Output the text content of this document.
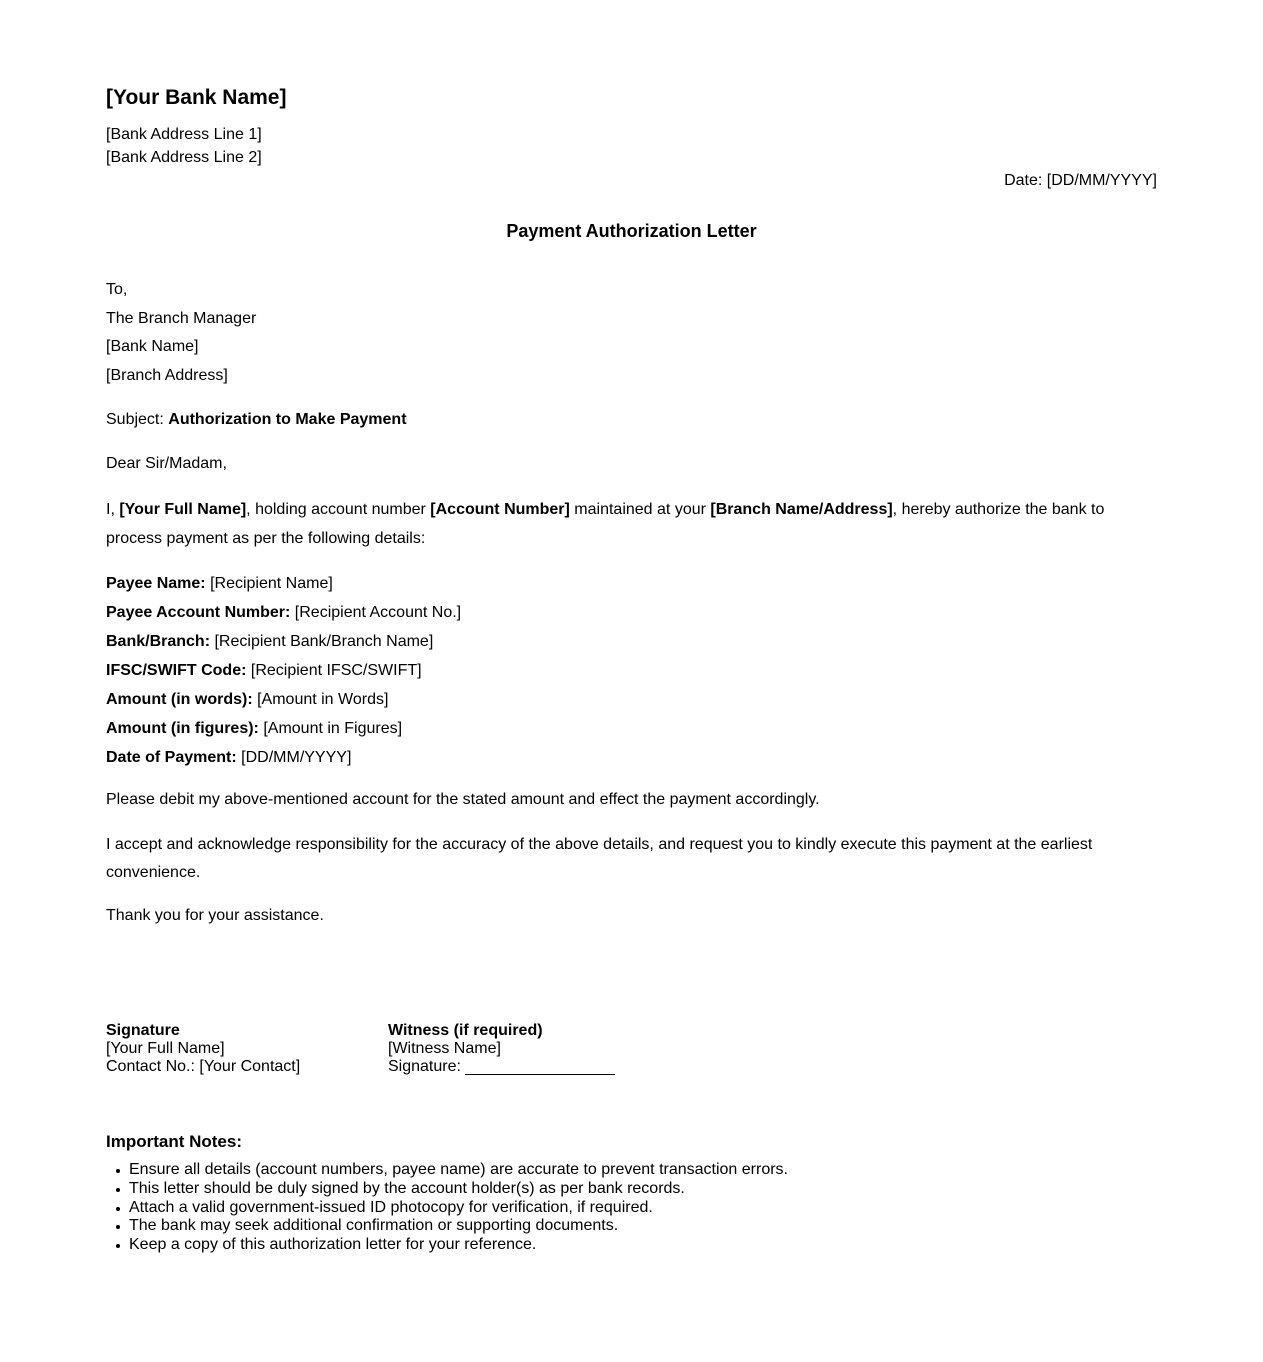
[Your Bank Name]

[Bank Address Line 1]

[Bank Address Line 2]

Date: [DD/MM/YYYY]

Payment Authorization Letter
To,
The Branch Manager
[Bank Name]
[Branch Address]

Subject: Authorization to Make Payment

Dear Sir/Madam,

I, [Your Full Name], holding account number [Account Number] maintained at your [Branch Name/Address], hereby authorize the bank to process payment as per the following details:

Payee Name: [Recipient Name]
Payee Account Number: [Recipient Account No.]
Bank/Branch: [Recipient Bank/Branch Name]
IFSC/SWIFT Code: [Recipient IFSC/SWIFT]
Amount (in words): [Amount in Words]
Amount (in figures): [Amount in Figures]
Date of Payment: [DD/MM/YYYY]

Please debit my above-mentioned account for the stated amount and effect the payment accordingly.

I accept and acknowledge responsibility for the accuracy of the above details, and request you to kindly execute this payment at the earliest convenience.

Thank you for your assistance.

Signature
[Your Full Name]
Contact No.: [Your Contact]
Witness (if required)
[Witness Name]
Signature:
Important Notes:
Ensure all details (account numbers, payee name) are accurate to prevent transaction errors.
This letter should be duly signed by the account holder(s) as per bank records.
Attach a valid government-issued ID photocopy for verification, if required.
The bank may seek additional confirmation or supporting documents.
Keep a copy of this authorization letter for your reference.
